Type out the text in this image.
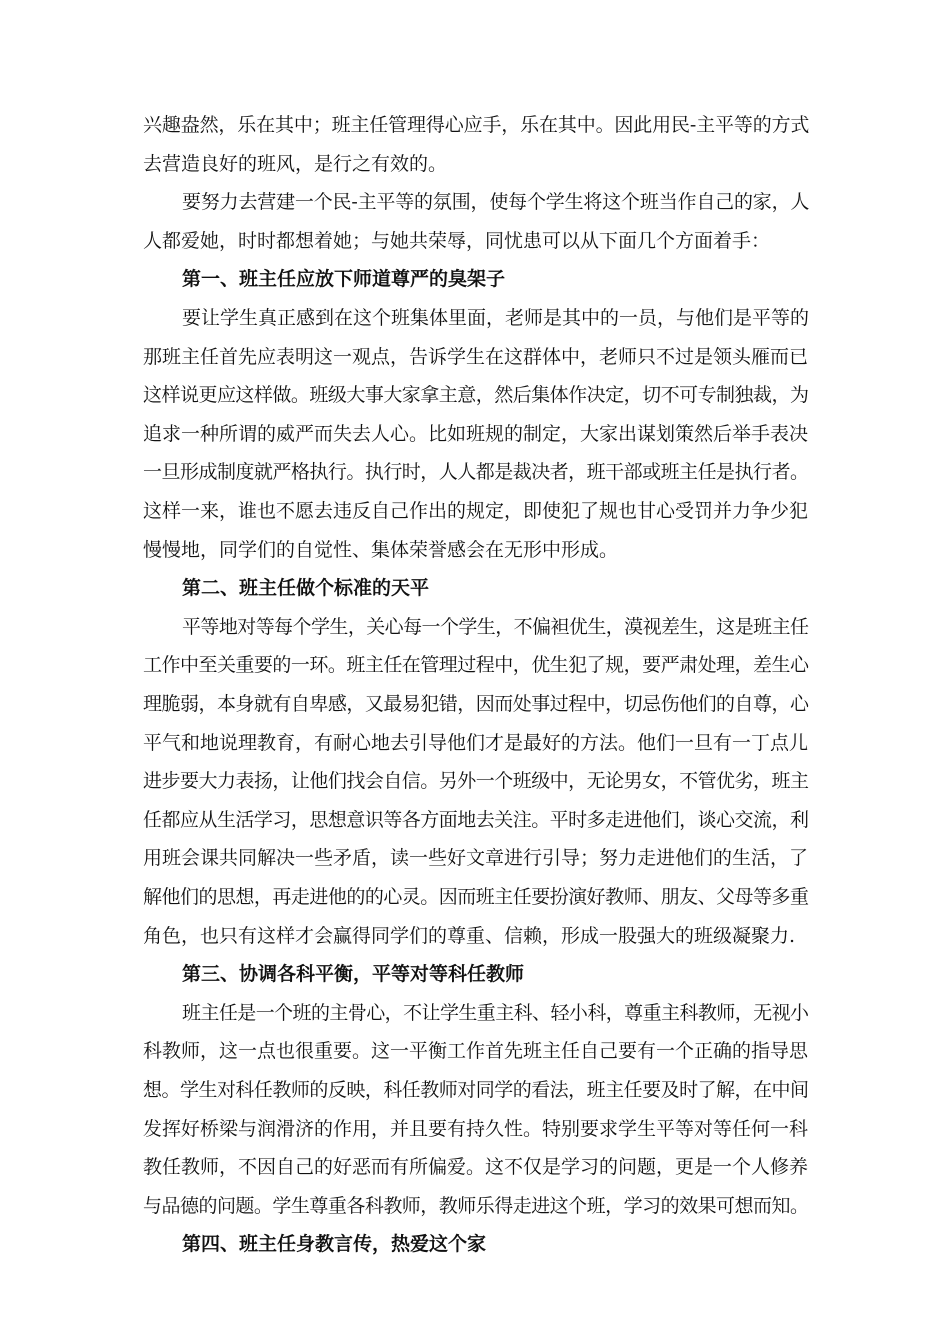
兴趣盎然，乐在其中；班主任管理得心应手，乐在其中。因此用民-主平等的方式
去营造良好的班风，是行之有效的。
要努力去营建一个民-主平等的氛围，使每个学生将这个班当作自己的家，人
人都爱她，时时都想着她；与她共荣辱，同忧患可以从下面几个方面着手：
第一、班主任应放下师道尊严的臭架子
要让学生真正感到在这个班集体里面，老师是其中的一员，与他们是平等的
那班主任首先应表明这一观点，告诉学生在这群体中，老师只不过是领头雁而已
这样说更应这样做。班级大事大家拿主意，然后集体作决定，切不可专制独裁，为
追求一种所谓的威严而失去人心。比如班规的制定，大家出谋划策然后举手表决
一旦形成制度就严格执行。执行时，人人都是裁决者，班干部或班主任是执行者。
这样一来，谁也不愿去违反自己作出的规定，即使犯了规也甘心受罚并力争少犯
慢慢地，同学们的自觉性、集体荣誉感会在无形中形成。
第二、班主任做个标准的天平
平等地对等每个学生，关心每一个学生，不偏袒优生，漠视差生，这是班主任
工作中至关重要的一环。班主任在管理过程中，优生犯了规，要严肃处理，差生心
理脆弱，本身就有自卑感，又最易犯错，因而处事过程中，切忌伤他们的自尊，心
平气和地说理教育，有耐心地去引导他们才是最好的方法。他们一旦有一丁点儿
进步要大力表扬，让他们找会自信。另外一个班级中，无论男女，不管优劣，班主
任都应从生活学习，思想意识等各方面地去关注。平时多走进他们，谈心交流，利
用班会课共同解决一些矛盾，读一些好文章进行引导；努力走进他们的生活，了
解他们的思想，再走进他的的心灵。因而班主任要扮演好教师、朋友、父母等多重
角色，也只有这样才会赢得同学们的尊重、信赖，形成一股强大的班级凝聚力.
第三、协调各科平衡，平等对等科任教师
班主任是一个班的主骨心，不让学生重主科、轻小科，尊重主科教师，无视小
科教师，这一点也很重要。这一平衡工作首先班主任自己要有一个正确的指导思
想。学生对科任教师的反映，科任教师对同学的看法，班主任要及时了解，在中间
发挥好桥梁与润滑济的作用，并且要有持久性。特别要求学生平等对等任何一科
教任教师，不因自己的好恶而有所偏爱。这不仅是学习的问题，更是一个人修养
与品德的问题。学生尊重各科教师，教师乐得走进这个班，学习的效果可想而知。
第四、班主任身教言传，热爱这个家
